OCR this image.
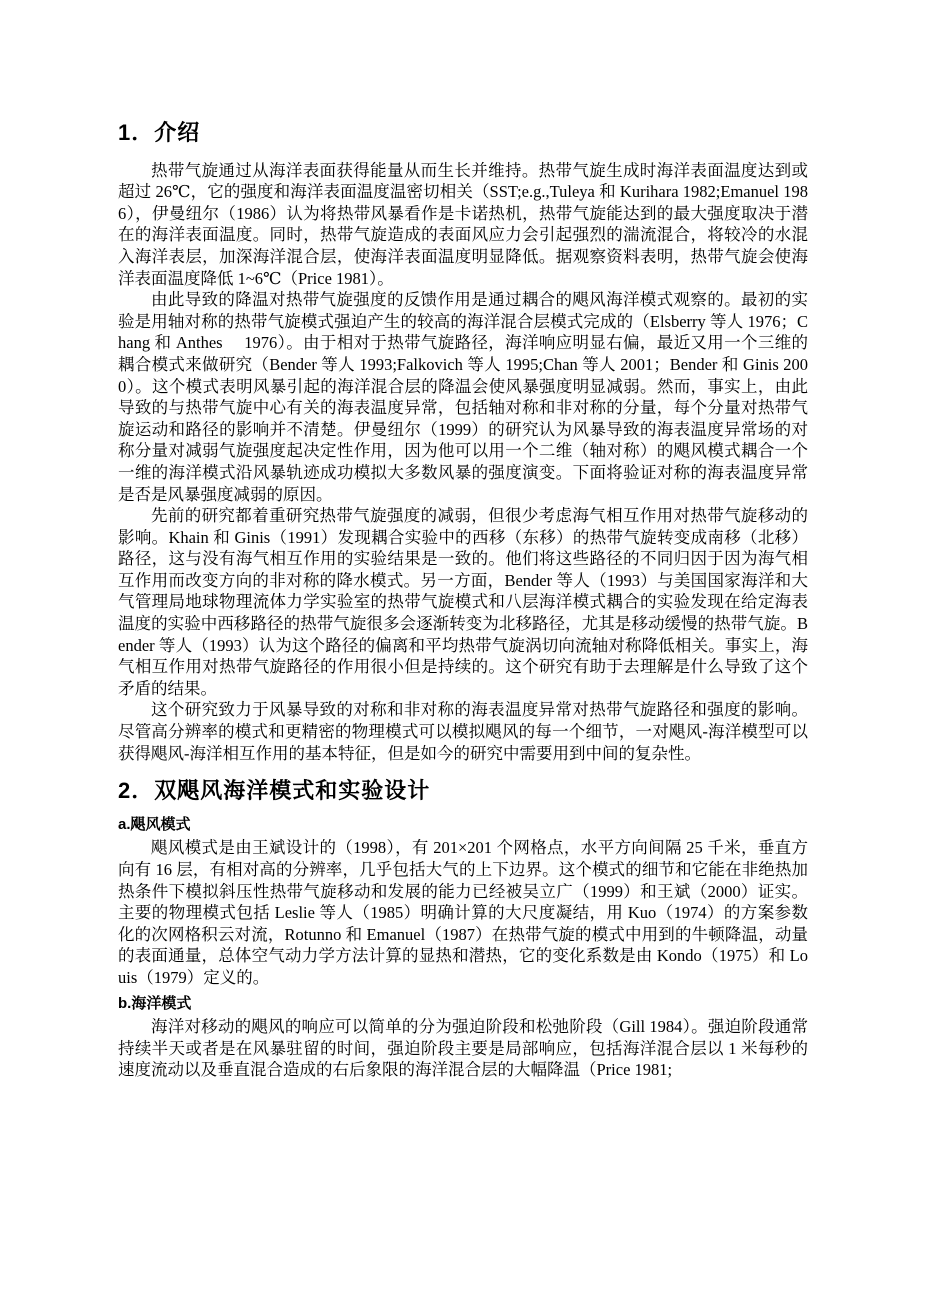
1．介绍

热带气旋通过从海洋表面获得能量从而生长并维持。热带气旋生成时海洋表面温度达到或超过 26℃，它的强度和海洋表面温度温密切相关（SST;e.g.,Tuleya 和 Kurihara 1982;Emanuel 1986），伊曼纽尔（1986）认为将热带风暴看作是卡诺热机，热带气旋能达到的最大强度取决于潜在的海洋表面温度。同时，热带气旋造成的表面风应力会引起强烈的湍流混合，将较冷的水混入海洋表层，加深海洋混合层，使海洋表面温度明显降低。据观察资料表明，热带气旋会使海洋表面温度降低 1~6℃（Price 1981）。

由此导致的降温对热带气旋强度的反馈作用是通过耦合的飓风海洋模式观察的。最初的实验是用轴对称的热带气旋模式强迫产生的较高的海洋混合层模式完成的（Elsberry 等人 1976；Chang 和 Anthes　 1976）。由于相对于热带气旋路径，海洋响应明显右偏，最近又用一个三维的耦合模式来做研究（Bender 等人 1993;Falkovich 等人 1995;Chan 等人 2001；Bender 和 Ginis 2000）。这个模式表明风暴引起的海洋混合层的降温会使风暴强度明显减弱。然而，事实上，由此导致的与热带气旋中心有关的海表温度异常，包括轴对称和非对称的分量，每个分量对热带气旋运动和路径的影响并不清楚。伊曼纽尔（1999）的研究认为风暴导致的海表温度异常场的对称分量对减弱气旋强度起决定性作用，因为他可以用一个二维（轴对称）的飓风模式耦合一个一维的海洋模式沿风暴轨迹成功模拟大多数风暴的强度演变。下面将验证对称的海表温度异常是否是风暴强度减弱的原因。

先前的研究都着重研究热带气旋强度的减弱，但很少考虑海气相互作用对热带气旋移动的影响。Khain 和 Ginis（1991）发现耦合实验中的西移（东移）的热带气旋转变成南移（北移）路径，这与没有海气相互作用的实验结果是一致的。他们将这些路径的不同归因于因为海气相互作用而改变方向的非对称的降水模式。另一方面，Bender 等人（1993）与美国国家海洋和大气管理局地球物理流体力学实验室的热带气旋模式和八层海洋模式耦合的实验发现在给定海表温度的实验中西移路径的热带气旋很多会逐渐转变为北移路径，尤其是移动缓慢的热带气旋。Bender 等人（1993）认为这个路径的偏离和平均热带气旋涡切向流轴对称降低相关。事实上，海气相互作用对热带气旋路径的作用很小但是持续的。这个研究有助于去理解是什么导致了这个矛盾的结果。

这个研究致力于风暴导致的对称和非对称的海表温度异常对热带气旋路径和强度的影响。尽管高分辨率的模式和更精密的物理模式可以模拟飓风的每一个细节，一对飓风-海洋模型可以获得飓风-海洋相互作用的基本特征，但是如今的研究中需要用到中间的复杂性。

2．双飓风海洋模式和实验设计
a.飓风模式

飓风模式是由王斌设计的（1998），有 201×201 个网格点，水平方向间隔 25 千米，垂直方向有 16 层，有相对高的分辨率，几乎包括大气的上下边界。这个模式的细节和它能在非绝热加热条件下模拟斜压性热带气旋移动和发展的能力已经被吴立广（1999）和王斌（2000）证实。主要的物理模式包括 Leslie 等人（1985）明确计算的大尺度凝结，用 Kuo（1974）的方案参数化的次网格积云对流，Rotunno 和 Emanuel（1987）在热带气旋的模式中用到的牛顿降温，动量的表面通量，总体空气动力学方法计算的显热和潜热，它的变化系数是由 Kondo（1975）和 Louis（1979）定义的。

b.海洋模式

海洋对移动的飓风的响应可以简单的分为强迫阶段和松弛阶段（Gill 1984）。强迫阶段通常持续半天或者是在风暴驻留的时间，强迫阶段主要是局部响应，包括海洋混合层以 1 米每秒的速度流动以及垂直混合造成的右后象限的海洋混合层的大幅降温（Price 1981;
